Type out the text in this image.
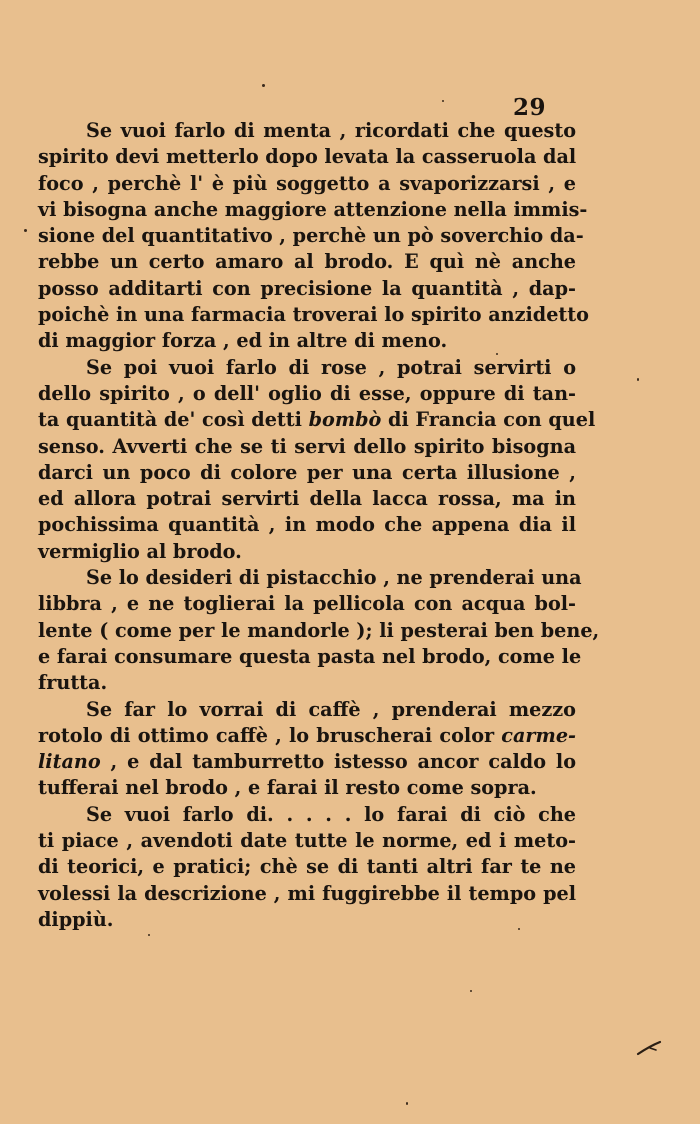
29
Se vuoi farlo di menta , ricordati che questo
spirito devi metterlo dopo levata la casseruola dal
foco , perchè l' è più soggetto a svaporizzarsi , e
vi bisogna anche maggiore attenzione nella immis-
sione del quantitativo , perchè un pò soverchio da-
rebbe un certo amaro al brodo. E quì nè anche
posso additarti con precisione la quantità , dap-
poichè in una farmacia troverai lo spirito anzidetto
di maggior forza , ed in altre di meno.
Se poi vuoi farlo di rose , potrai servirti o
dello spirito , o dell' oglio di esse, oppure di tan-
ta quantità de' così detti bombò di Francia con quel
senso. Avverti che se ti servi dello spirito bisogna
darci un poco di colore per una certa illusione ,
ed allora potrai servirti della lacca rossa, ma in
pochissima quantità , in modo che appena dia il
vermiglio al brodo.
Se lo desideri di pistacchio , ne prenderai una
libbra , e ne toglierai la pellicola con acqua bol-
lente ( come per le mandorle ); li pesterai ben bene,
e farai consumare questa pasta nel brodo, come le
frutta.
Se far lo vorrai di caffè , prenderai mezzo
rotolo di ottimo caffè , lo bruscherai color carme-
litano , e dal tamburretto istesso ancor caldo lo
tufferai nel brodo , e farai il resto come sopra.
Se vuoi farlo di. . . . . lo farai di ciò che
ti piace , avendoti date tutte le norme, ed i meto-
di teorici, e pratici; chè se di tanti altri far te ne
volessi la descrizione , mi fuggirebbe il tempo pel
dippiù.
